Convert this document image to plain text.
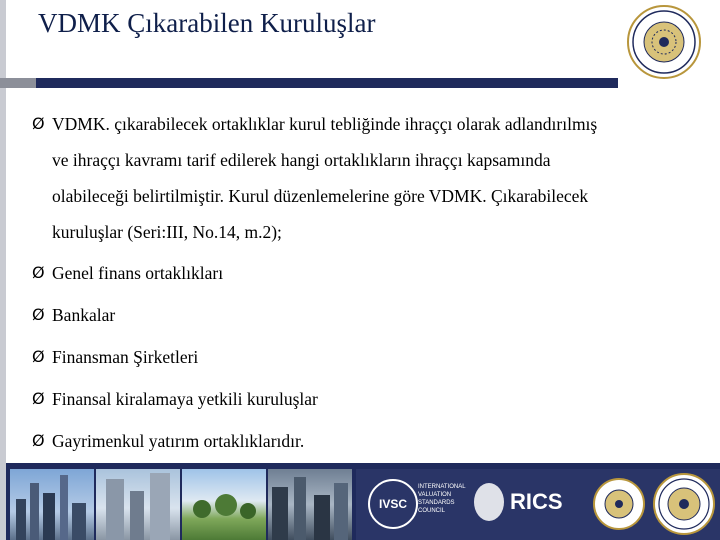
VDMK Çıkarabilen Kuruluşlar
Ø VDMK. çıkarabilecek ortaklıklar kurul tebliğinde ihraççı olarak adlandırılmış
ve ihraççı kavramı tarif edilerek hangi ortaklıkların ihraççı kapsamında
olabileceği belirtilmiştir. Kurul düzenlemelerine göre VDMK. Çıkarabilecek
kuruluşlar (Seri:III, No.14, m.2);
Ø Genel finans ortaklıkları
Ø Bankalar
Ø Finansman Şirketleri
Ø Finansal kiralamaya yetkili kuruluşlar
Ø Gayrimenkul yatırım ortaklıklarıdır.
IVSC
INTERNATIONAL VALUATION STANDARDS COUNCIL	RICS
